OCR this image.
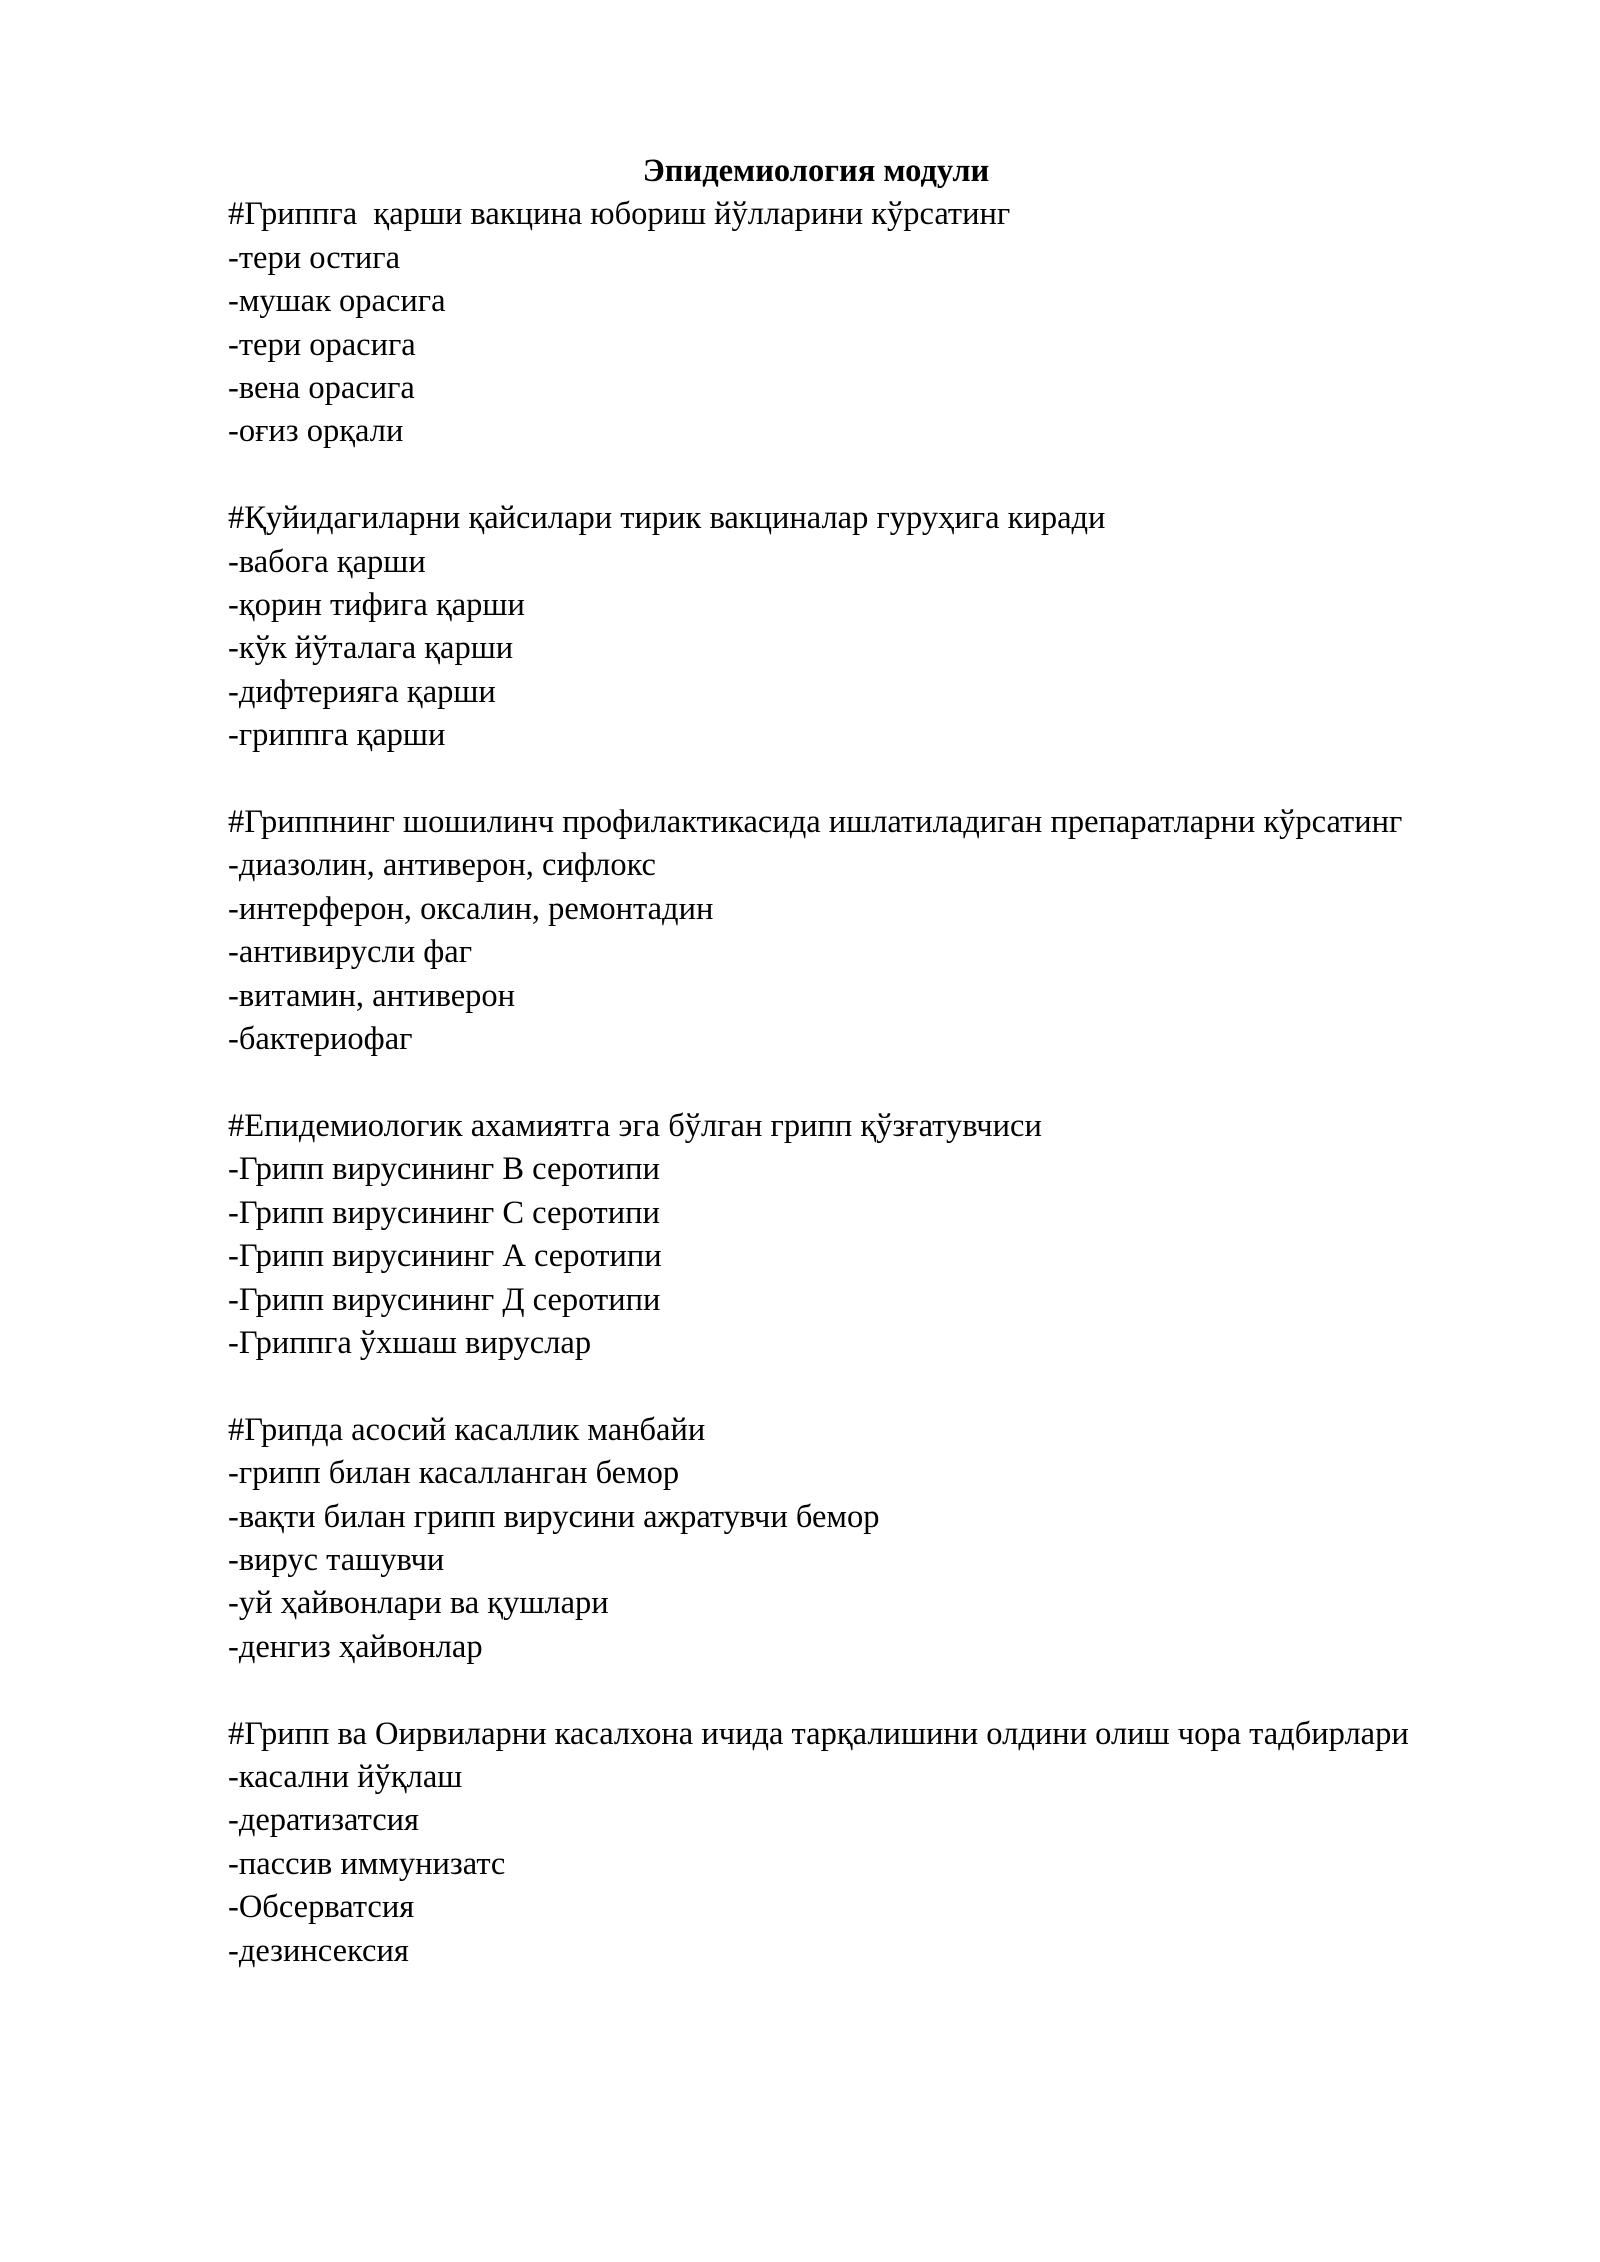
Эпидемиология модули

#Гриппга  қарши вакцина юбориш йўлларини кўрсатинг

-тери остига

-мушак орасига

-тери орасига

-вена орасига

-оғиз орқали

#Қуйидагиларни қайсилари тирик вакциналар гуруҳига киради

-вабога қарши

-қорин тифига қарши

-кўк йўталага қарши

-дифтерияга қарши

-гриппга қарши

#Гриппнинг шошилинч профилактикасида ишлатиладиган препаратларни кўрсатинг

-диазолин, антиверон, сифлокс

-интерферон, оксалин, ремонтадин

-антивирусли фаг

-витамин, антиверон

-бактериофаг

#Епидемиологик ахамиятга эга бўлган грипп қўзғатувчиси

-Грипп вирусининг В серотипи

-Грипп вирусининг С серотипи

-Грипп вирусининг А серотипи

-Грипп вирусининг Д серотипи

-Гриппга ўхшаш вируслар

#Грипда асосий касаллик манбайи

-грипп билан касалланган бемор

-вақти билан грипп вирусини ажратувчи бемор

-вирус ташувчи

-уй ҳайвонлари ва қушлари

-денгиз ҳайвонлар

#Грипп ва Оирвиларни касалхона ичида тарқалишини олдини олиш чора тадбирлари

-касални йўқлаш

-дератизатсия

-пассив иммунизатс

-Обсерватсия

-дезинсексия
